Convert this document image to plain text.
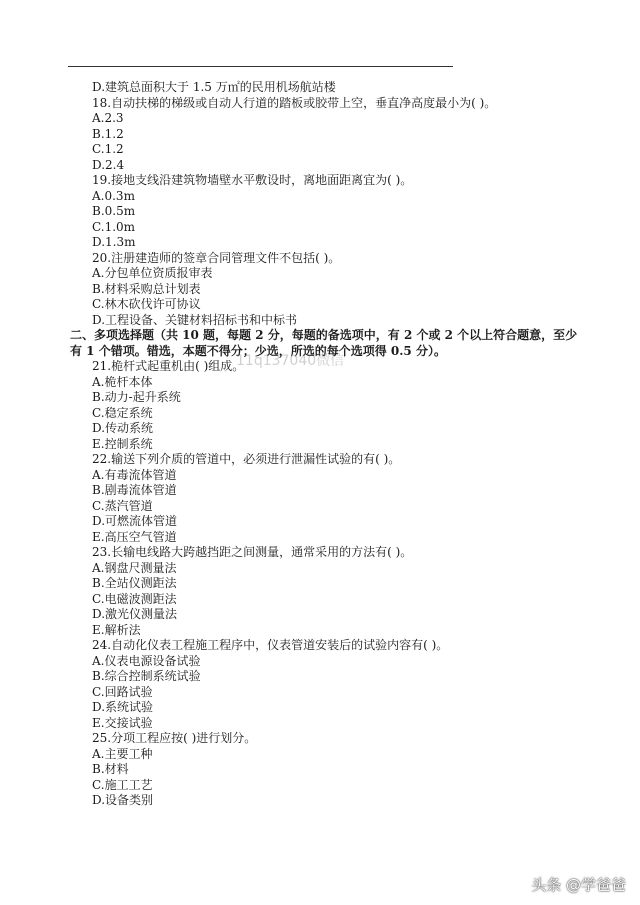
D.建筑总面积大于 1.5 万㎡的民用机场航站楼
18.自动扶梯的梯级或自动人行道的踏板或胶带上空，垂直净高度最小为( )。
A.2.3
B.1.2
C.1.2
D.2.4
19.接地支线沿建筑物墙壁水平敷设时，离地面距离宜为( )。
A.0.3m
B.0.5m
C.1.0m
D.1.3m
20.注册建造师的签章合同管理文件不包括( )。
A.分包单位资质报审表
B.材料采购总计划表
C.林木砍伐许可协议
D.工程设备、关键材料招标书和中标书
二、多项选择题（共 10 题，每题 2 分，每题的备选项中，有 2 个或 2 个以上符合题意，至少
有 1 个错项。错选，本题不得分；少选，所选的每个选项得 0.5 分）。
21.桅杆式起重机由( )组成。
A.桅杆本体
B.动力-起升系统
C.稳定系统
D.传动系统
E.控制系统
22.输送下列介质的管道中，必须进行泄漏性试验的有( )。
A.有毒流体管道
B.剧毒流体管道
C.蒸汽管道
D.可燃流体管道
E.高压空气管道
23.长输电线路大跨越挡距之间测量，通常采用的方法有( )。
A.钢盘尺测量法
B.全站仪测距法
C.电磁波测距法
D.激光仪测量法
E.解析法
24.自动化仪表工程施工程序中，仪表管道安装后的试验内容有( )。
A.仪表电源设备试验
B.综合控制系统试验
C.回路试验
D.系统试验
E.交接试验
25.分项工程应按( )进行划分。
A.主要工种
B.材料
C.施工工艺
D.设备类别
11q137040微信
头条 @学爸爸
